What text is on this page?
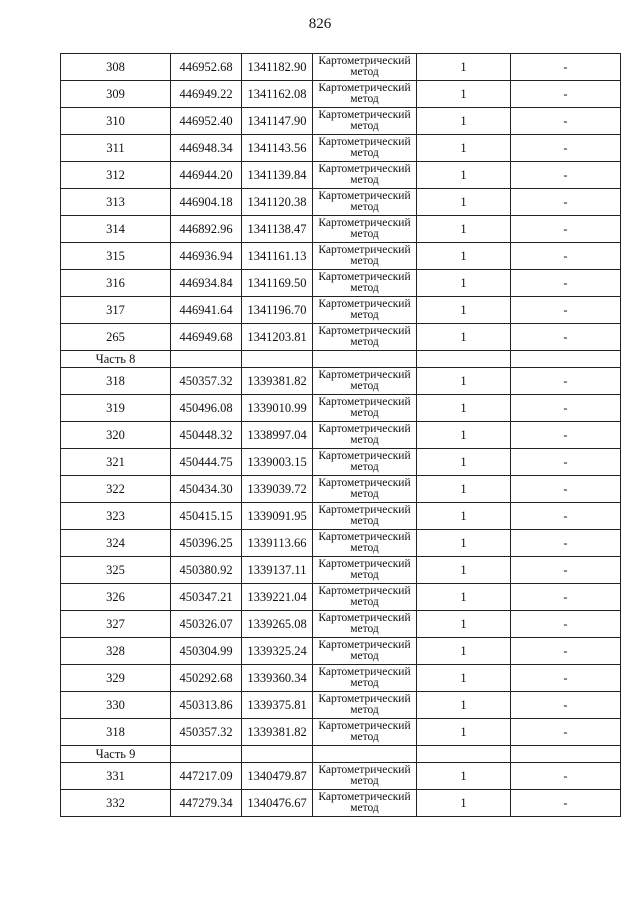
826
308	446952.68	1341182.90	Картометрический метод	1	-
309	446949.22	1341162.08	Картометрический метод	1	-
310	446952.40	1341147.90	Картометрический метод	1	-
311	446948.34	1341143.56	Картометрический метод	1	-
312	446944.20	1341139.84	Картометрический метод	1	-
313	446904.18	1341120.38	Картометрический метод	1	-
314	446892.96	1341138.47	Картометрический метод	1	-
315	446936.94	1341161.13	Картометрический метод	1	-
316	446934.84	1341169.50	Картометрический метод	1	-
317	446941.64	1341196.70	Картометрический метод	1	-
265	446949.68	1341203.81	Картометрический метод	1	-
Часть 8					
318	450357.32	1339381.82	Картометрический метод	1	-
319	450496.08	1339010.99	Картометрический метод	1	-
320	450448.32	1338997.04	Картометрический метод	1	-
321	450444.75	1339003.15	Картометрический метод	1	-
322	450434.30	1339039.72	Картометрический метод	1	-
323	450415.15	1339091.95	Картометрический метод	1	-
324	450396.25	1339113.66	Картометрический метод	1	-
325	450380.92	1339137.11	Картометрический метод	1	-
326	450347.21	1339221.04	Картометрический метод	1	-
327	450326.07	1339265.08	Картометрический метод	1	-
328	450304.99	1339325.24	Картометрический метод	1	-
329	450292.68	1339360.34	Картометрический метод	1	-
330	450313.86	1339375.81	Картометрический метод	1	-
318	450357.32	1339381.82	Картометрический метод	1	-
Часть 9					
331	447217.09	1340479.87	Картометрический метод	1	-
332	447279.34	1340476.67	Картометрический метод	1	-
